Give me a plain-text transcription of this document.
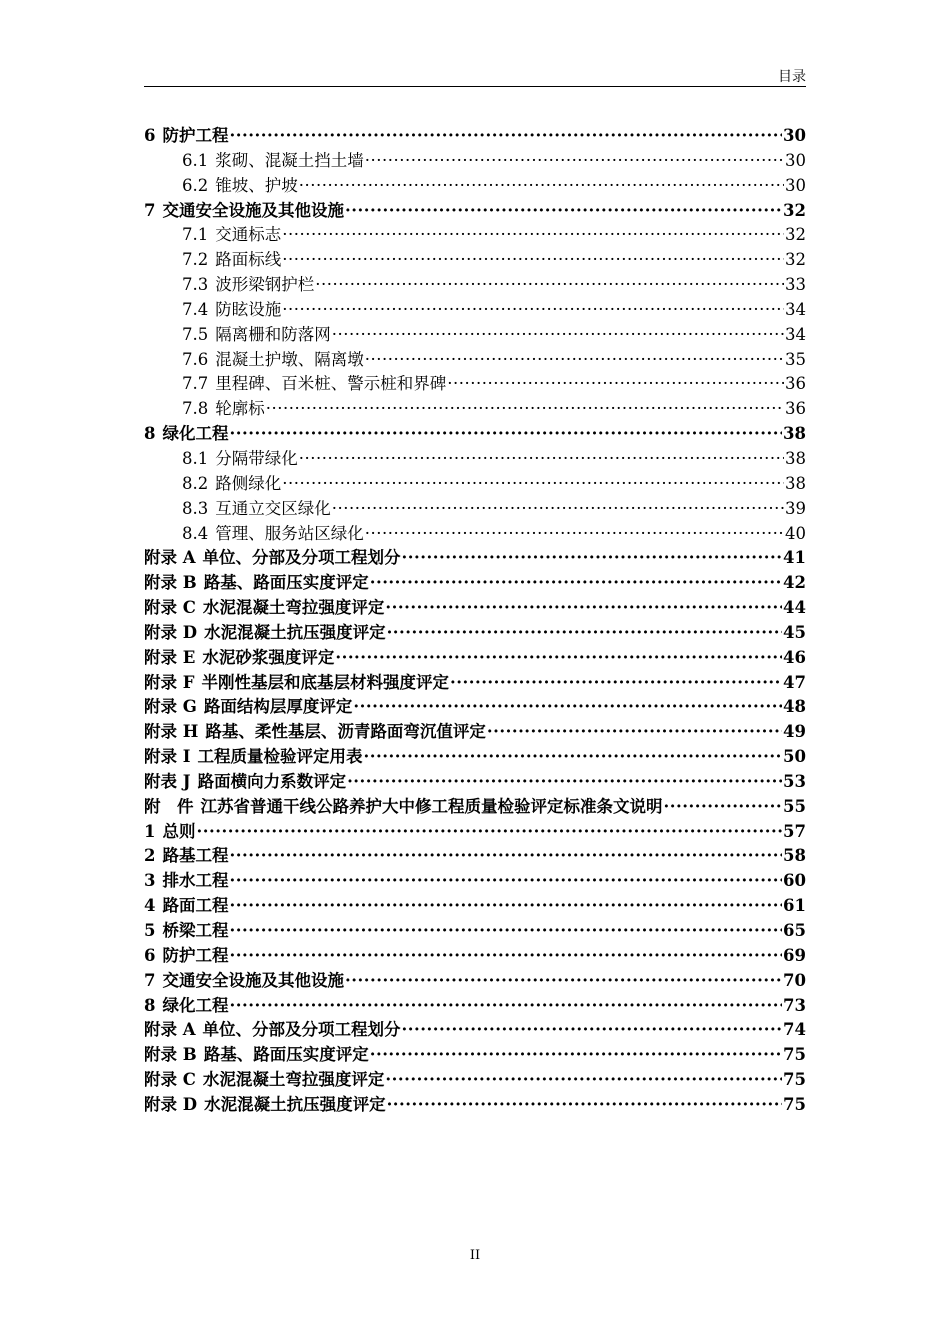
目录
6 防护工程 ·····	30
6.1 浆砌、混凝土挡土墙 ·····	30
6.2 锥坡、护坡 ·····	30
7 交通安全设施及其他设施 ·····	32
7.1 交通标志 ·····	32
7.2 路面标线 ·····	32
7.3 波形梁钢护栏 ·····	33
7.4 防眩设施 ·····	34
7.5 隔离栅和防落网 ·····	34
7.6 混凝土护墩、隔离墩 ·····	35
7.7 里程碑、百米桩、警示桩和界碑 ·····	36
7.8 轮廓标 ·····	36
8 绿化工程 ·····	38
8.1 分隔带绿化 ·····	38
8.2 路侧绿化 ·····	38
8.3 互通立交区绿化 ·····	39
8.4 管理、服务站区绿化 ·····	40
附录 A 单位、分部及分项工程划分 ·····	41
附录 B 路基、路面压实度评定 ·····	42
附录 C 水泥混凝土弯拉强度评定 ·····	44
附录 D 水泥混凝土抗压强度评定 ·····	45
附录 E 水泥砂浆强度评定 ·····	46
附录 F 半刚性基层和底基层材料强度评定 ·····	47
附录 G 路面结构层厚度评定 ·····	48
附录 H 路基、柔性基层、沥青路面弯沉值评定 ·····	49
附录 I 工程质量检验评定用表 ·····	50
附表 J 路面横向力系数评定 ·····	53
附　件 江苏省普通干线公路养护大中修工程质量检验评定标准条文说明 ·····	55
1 总则 ·····	57
2 路基工程 ·····	58
3 排水工程 ·····	60
4 路面工程 ·····	61
5 桥梁工程 ·····	65
6 防护工程 ·····	69
7 交通安全设施及其他设施 ·····	70
8 绿化工程 ·····	73
附录 A 单位、分部及分项工程划分 ·····	74
附录 B 路基、路面压实度评定 ·····	75
附录 C 水泥混凝土弯拉强度评定 ·····	75
附录 D 水泥混凝土抗压强度评定 ·····	75
II
